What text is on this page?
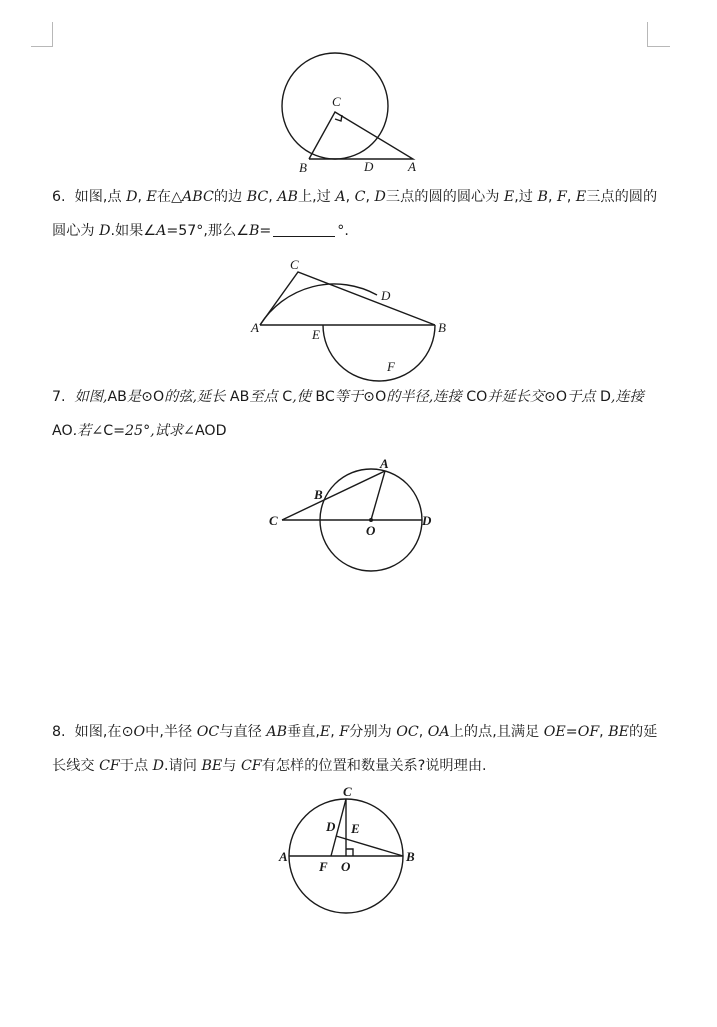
C
B	D	A

6. 如图,点 D, E在△ABC的边 BC, AB上,过 A, C, D三点的圆的圆心为 E,过 B, F, E三点的圆的圆心为 D.如果∠A=57°,那么∠B=	°.

C
D
A	E	B
F

7. 如图,AB是⊙O的弦,延长 AB至点 C,使 BC等于⊙O的半径,连接 CO并延长交⊙O于点 D,连接 AO.若∠C=25°,试求∠AOD

A
B
C
O
D

8. 如图,在⊙O中,半径 OC与直径 AB垂直,E, F分别为 OC, OA上的点,且满足 OE=OF, BE的延长线交 CF于点 D.请问 BE与 CF有怎样的位置和数量关系?说明理由.

C
D E
A
F O
B
